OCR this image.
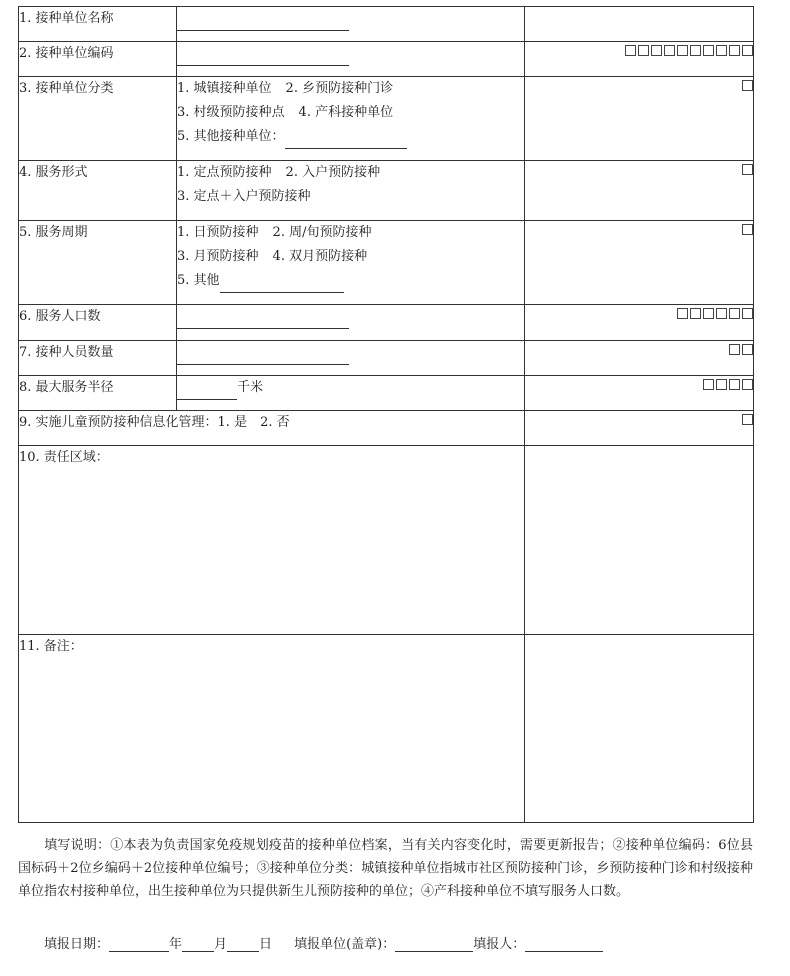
1. 接种单位名称		
2. 接种单位编码		

3. 接种单位分类	1. 城镇接种单位 2. 乡预防接种门诊
3. 村级预防接种点 4. 产科接种单位
5. 其他接种单位：	

4. 服务形式	1. 定点预防接种 2. 入户预防接种
3. 定点＋入户预防接种	

5. 服务周期	1. 日预防接种 2. 周/旬预防接种
3. 月预防接种 4. 双月预防接种
5. 其他	

6. 服务人口数		

7. 接种人员数量		

8. 最大服务半径	千米	

9. 实施儿童预防接种信息化管理：1. 是　2. 否		

10. 责任区域：		
11. 备注：		
填写说明：①本表为负责国家免疫规划疫苗的接种单位档案，当有关内容变化时，需要更新报告；②接种单位编码：6位县国标码＋2位乡编码＋2位接种单位编号；③接种单位分类：城镇接种单位指城市社区预防接种门诊，乡预防接种门诊和村级接种单位指农村接种单位，出生接种单位为只提供新生儿预防接种的单位；④产科接种单位不填写服务人口数。
填报日期：	年 月 日 填报单位(盖章)：	填报人：
